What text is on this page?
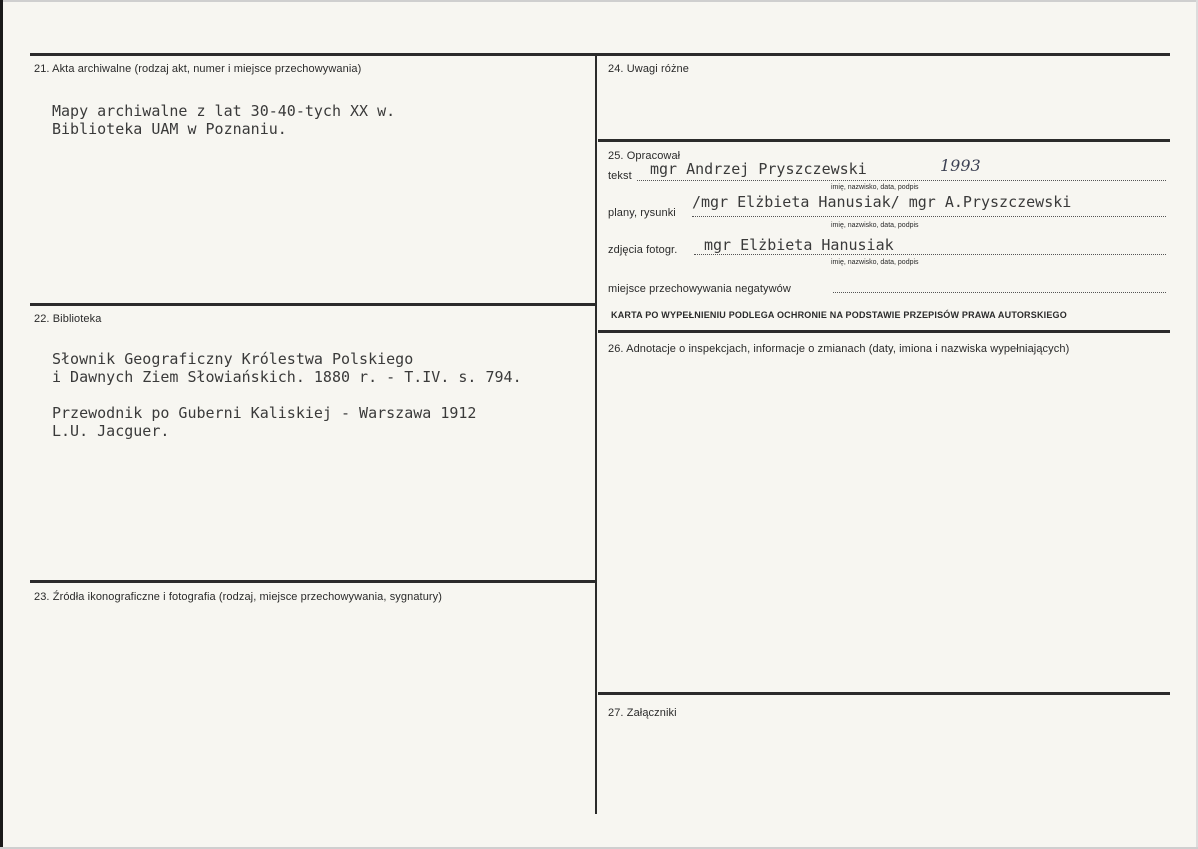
21. Akta archiwalne (rodzaj akt, numer i miejsce przechowywania)
Mapy archiwalne z lat 30-40-tych XX w.
Biblioteka UAM w Poznaniu.
22. Biblioteka
Słownik Geograficzny Królestwa Polskiego
i Dawnych Ziem Słowiańskich. 1880 r. - T.IV. s. 794.
Przewodnik po Guberni Kaliskiej - Warszawa 1912
L.U. Jacguer.
23. Źródła ikonograficzne i fotografia (rodzaj, miejsce przechowywania, sygnatury)
24. Uwagi różne
25. Opracował
tekst mgr Andrzej Pryszczewski	1993
imię, nazwisko, data, podpis
plany, rysunki
/mgr Elżbieta Hanusiak/ mgr A.Pryszczewski
imię, nazwisko, data, podpis
zdjęcia fotogr. mgr Elżbieta Hanusiak
imię, nazwisko, data, podpis
miejsce przechowywania negatywów
KARTA PO WYPEŁNIENIU PODLEGA OCHRONIE NA PODSTAWIE PRZEPISÓW PRAWA AUTORSKIEGO
26. Adnotacje o inspekcjach, informacje o zmianach (daty, imiona i nazwiska wypełniających)
27. Załączniki
